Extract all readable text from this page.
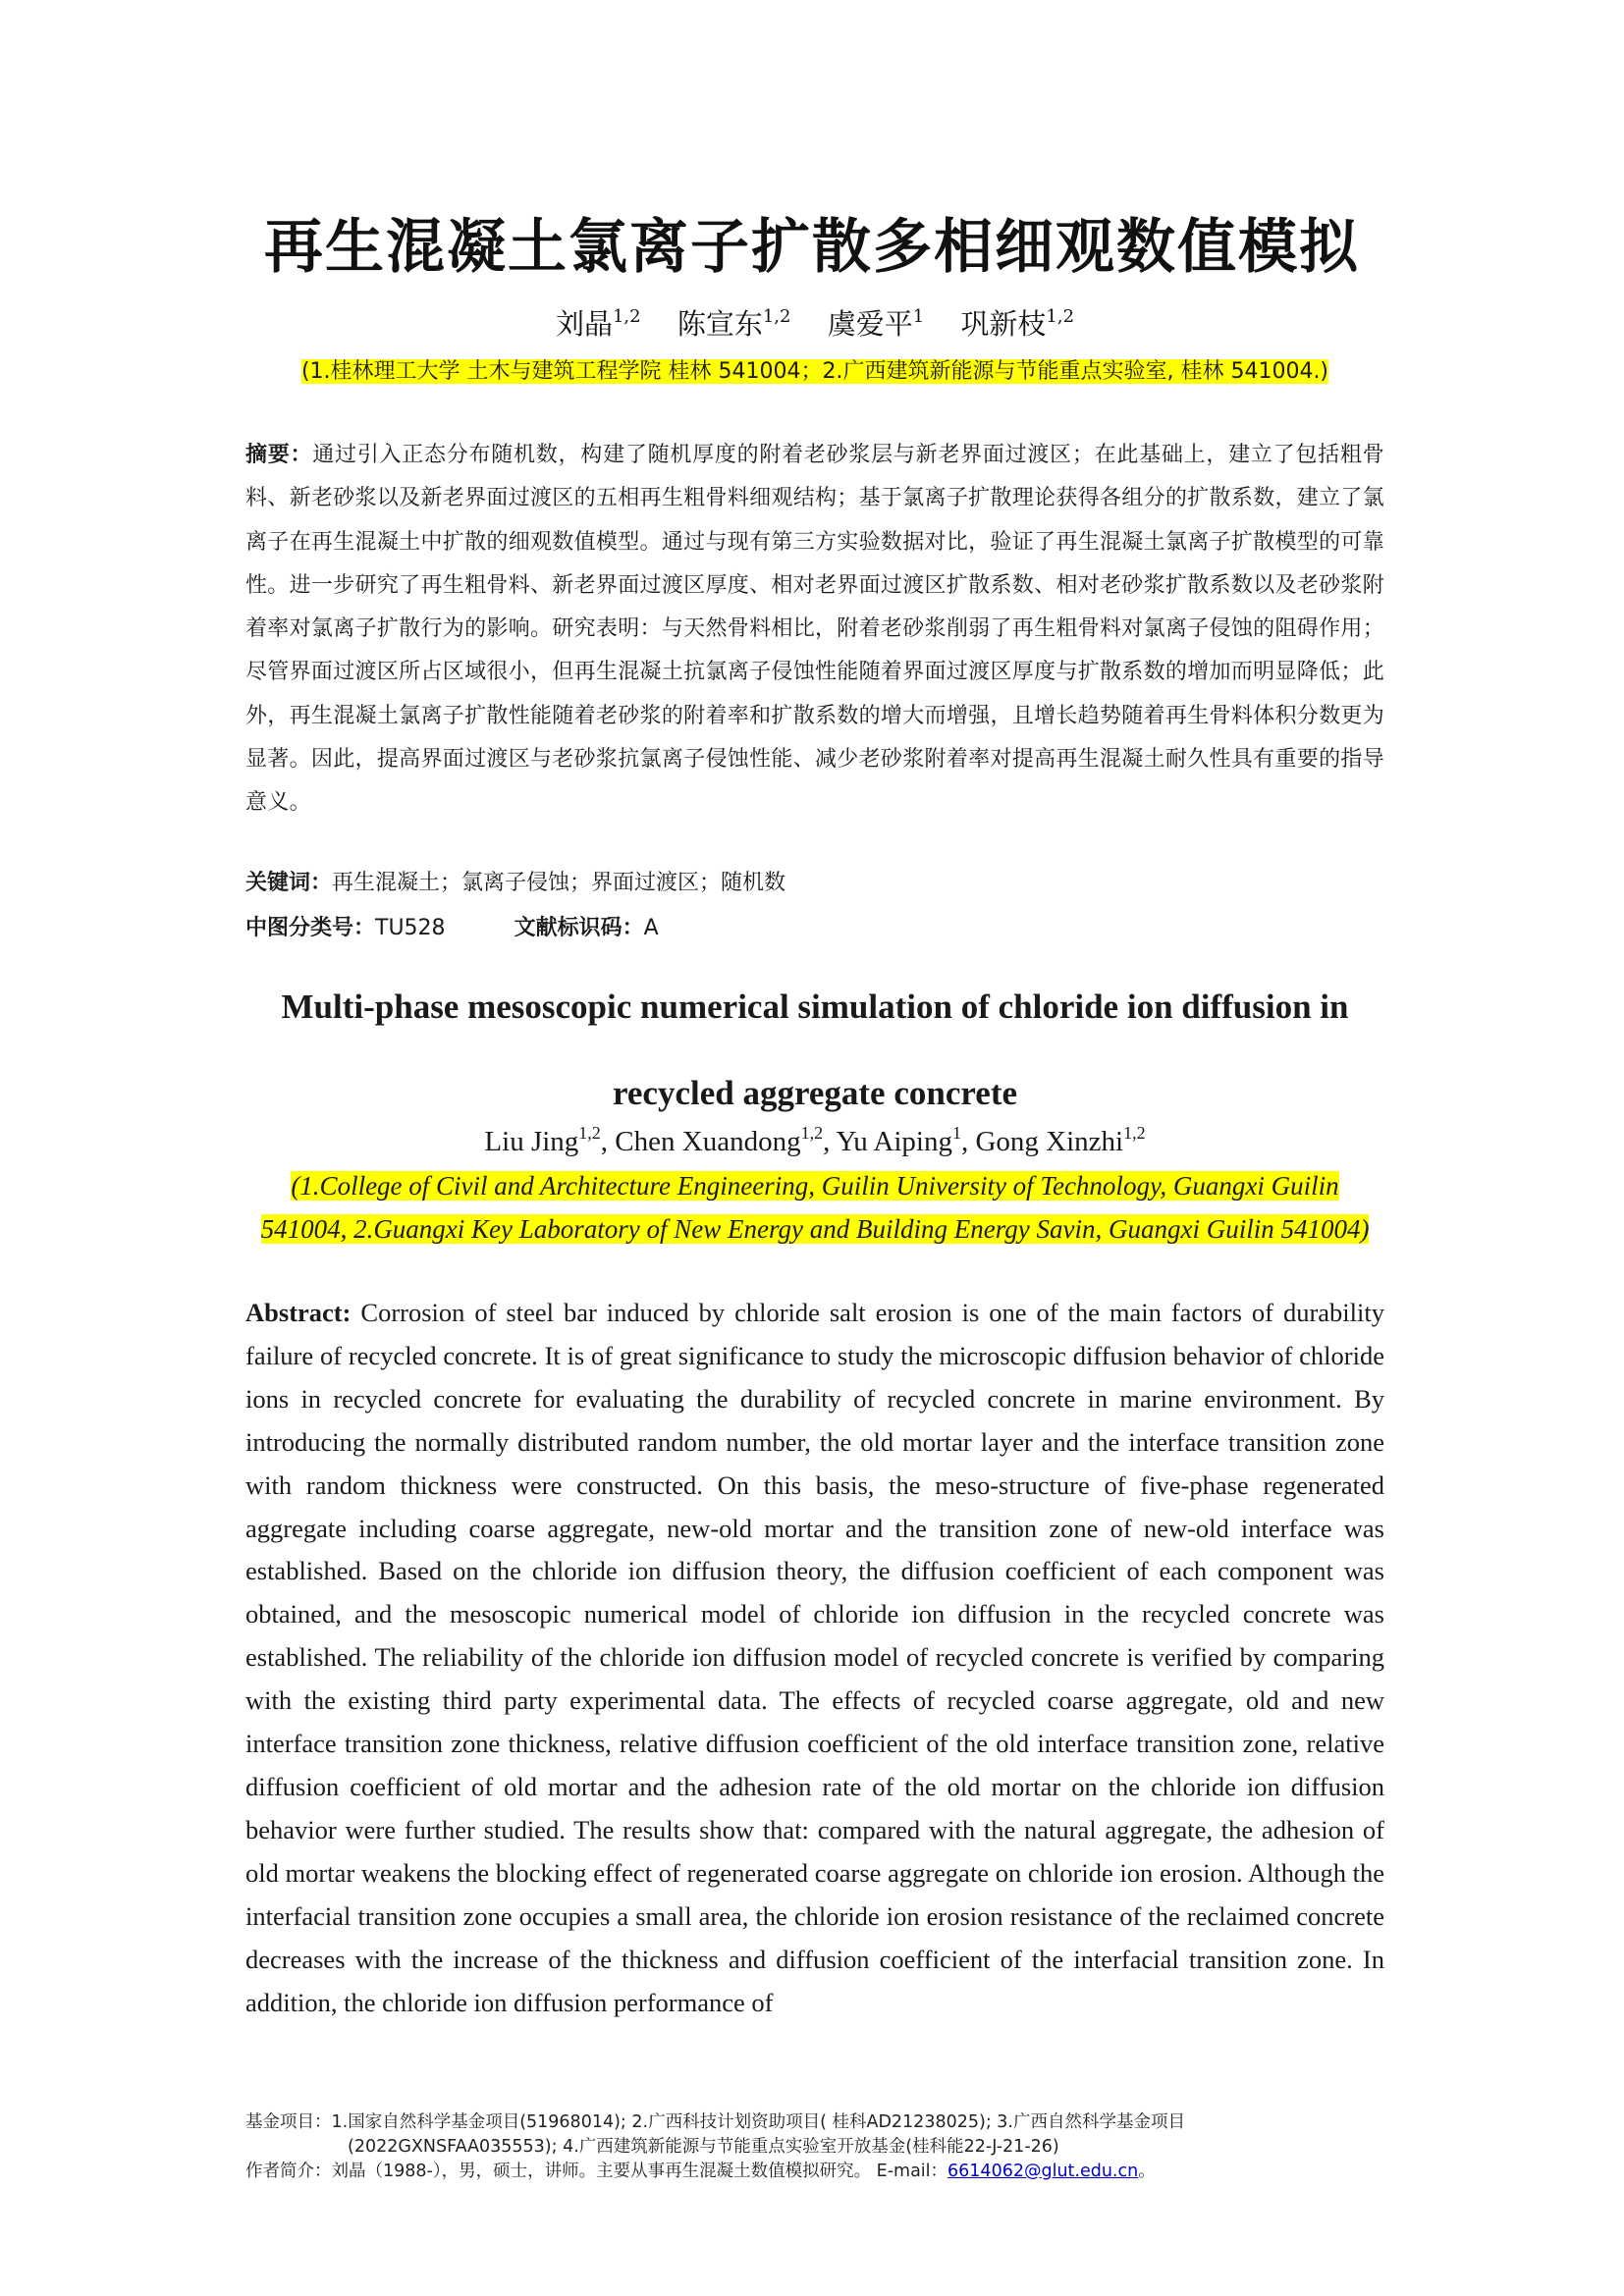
再生混凝土氯离子扩散多相细观数值模拟
刘晶$^{1,2}$ 陈宣东$^{1,2}$ 虞爱平$^1$ 巩新枝$^{1,2}$
(1.桂林理工大学 土木与建筑工程学院 桂林 541004；2.广西建筑新能源与节能重点实验室, 桂林 541004.)
摘要：通过引入正态分布随机数，构建了随机厚度的附着老砂浆层与新老界面过渡区；在此基础上，建立了包括粗骨料、新老砂浆以及新老界面过渡区的五相再生粗骨料细观结构；基于氯离子扩散理论获得各组分的扩散系数，建立了氯离子在再生混凝土中扩散的细观数值模型。通过与现有第三方实验数据对比，验证了再生混凝土氯离子扩散模型的可靠性。进一步研究了再生粗骨料、新老界面过渡区厚度、相对老界面过渡区扩散系数、相对老砂浆扩散系数以及老砂浆附着率对氯离子扩散行为的影响。研究表明：与天然骨料相比，附着老砂浆削弱了再生粗骨料对氯离子侵蚀的阻碍作用；尽管界面过渡区所占区域很小，但再生混凝土抗氯离子侵蚀性能随着界面过渡区厚度与扩散系数的增加而明显降低；此外，再生混凝土氯离子扩散性能随着老砂浆的附着率和扩散系数的增大而增强，且增长趋势随着再生骨料体积分数更为显著。因此，提高界面过渡区与老砂浆抗氯离子侵蚀性能、减少老砂浆附着率对提高再生混凝土耐久性具有重要的指导意义。
关键词：再生混凝土；氯离子侵蚀；界面过渡区；随机数
中图分类号：TU528	文献标识码：A
Multi-phase mesoscopic numerical simulation of chloride ion diffusion in recycled aggregate concrete
Liu Jing$^{1,2}$, Chen Xuandong$^{1,2}$, Yu Aiping$^1$, Gong Xinzhi$^{1,2}$
(1.College of Civil and Architecture Engineering, Guilin University of Technology, Guangxi Guilin 541004, 2.Guangxi Key Laboratory of New Energy and Building Energy Savin, Guangxi Guilin 541004)
Abstract: Corrosion of steel bar induced by chloride salt erosion is one of the main factors of durability failure of recycled concrete. It is of great significance to study the microscopic diffusion behavior of chloride ions in recycled concrete for evaluating the durability of recycled concrete in marine environment. By introducing the normally distributed random number, the old mortar layer and the interface transition zone with random thickness were constructed. On this basis, the meso-structure of five-phase regenerated aggregate including coarse aggregate, new-old mortar and the transition zone of new-old interface was established. Based on the chloride ion diffusion theory, the diffusion coefficient of each component was obtained, and the mesoscopic numerical model of chloride ion diffusion in the recycled concrete was established. The reliability of the chloride ion diffusion model of recycled concrete is verified by comparing with the existing third party experimental data. The effects of recycled coarse aggregate, old and new interface transition zone thickness, relative diffusion coefficient of the old interface transition zone, relative diffusion coefficient of old mortar and the adhesion rate of the old mortar on the chloride ion diffusion behavior were further studied. The results show that: compared with the natural aggregate, the adhesion of old mortar weakens the blocking effect of regenerated coarse aggregate on chloride ion erosion. Although the interfacial transition zone occupies a small area, the chloride ion erosion resistance of the reclaimed concrete decreases with the increase of the thickness and diffusion coefficient of the interfacial transition zone. In addition, the chloride ion diffusion performance of
基金项目：1.国家自然科学基金项目(51968014); 2.广西科技计划资助项目( 桂科AD21238025); 3.广西自然科学基金项目
(2022GXNSFAA035553); 4.广西建筑新能源与节能重点实验室开放基金(桂科能22-J-21-26)
作者简介：刘晶（1988-），男，硕士，讲师。主要从事再生混凝土数值模拟研究。 E-mail：6614062@glut.edu.cn。
